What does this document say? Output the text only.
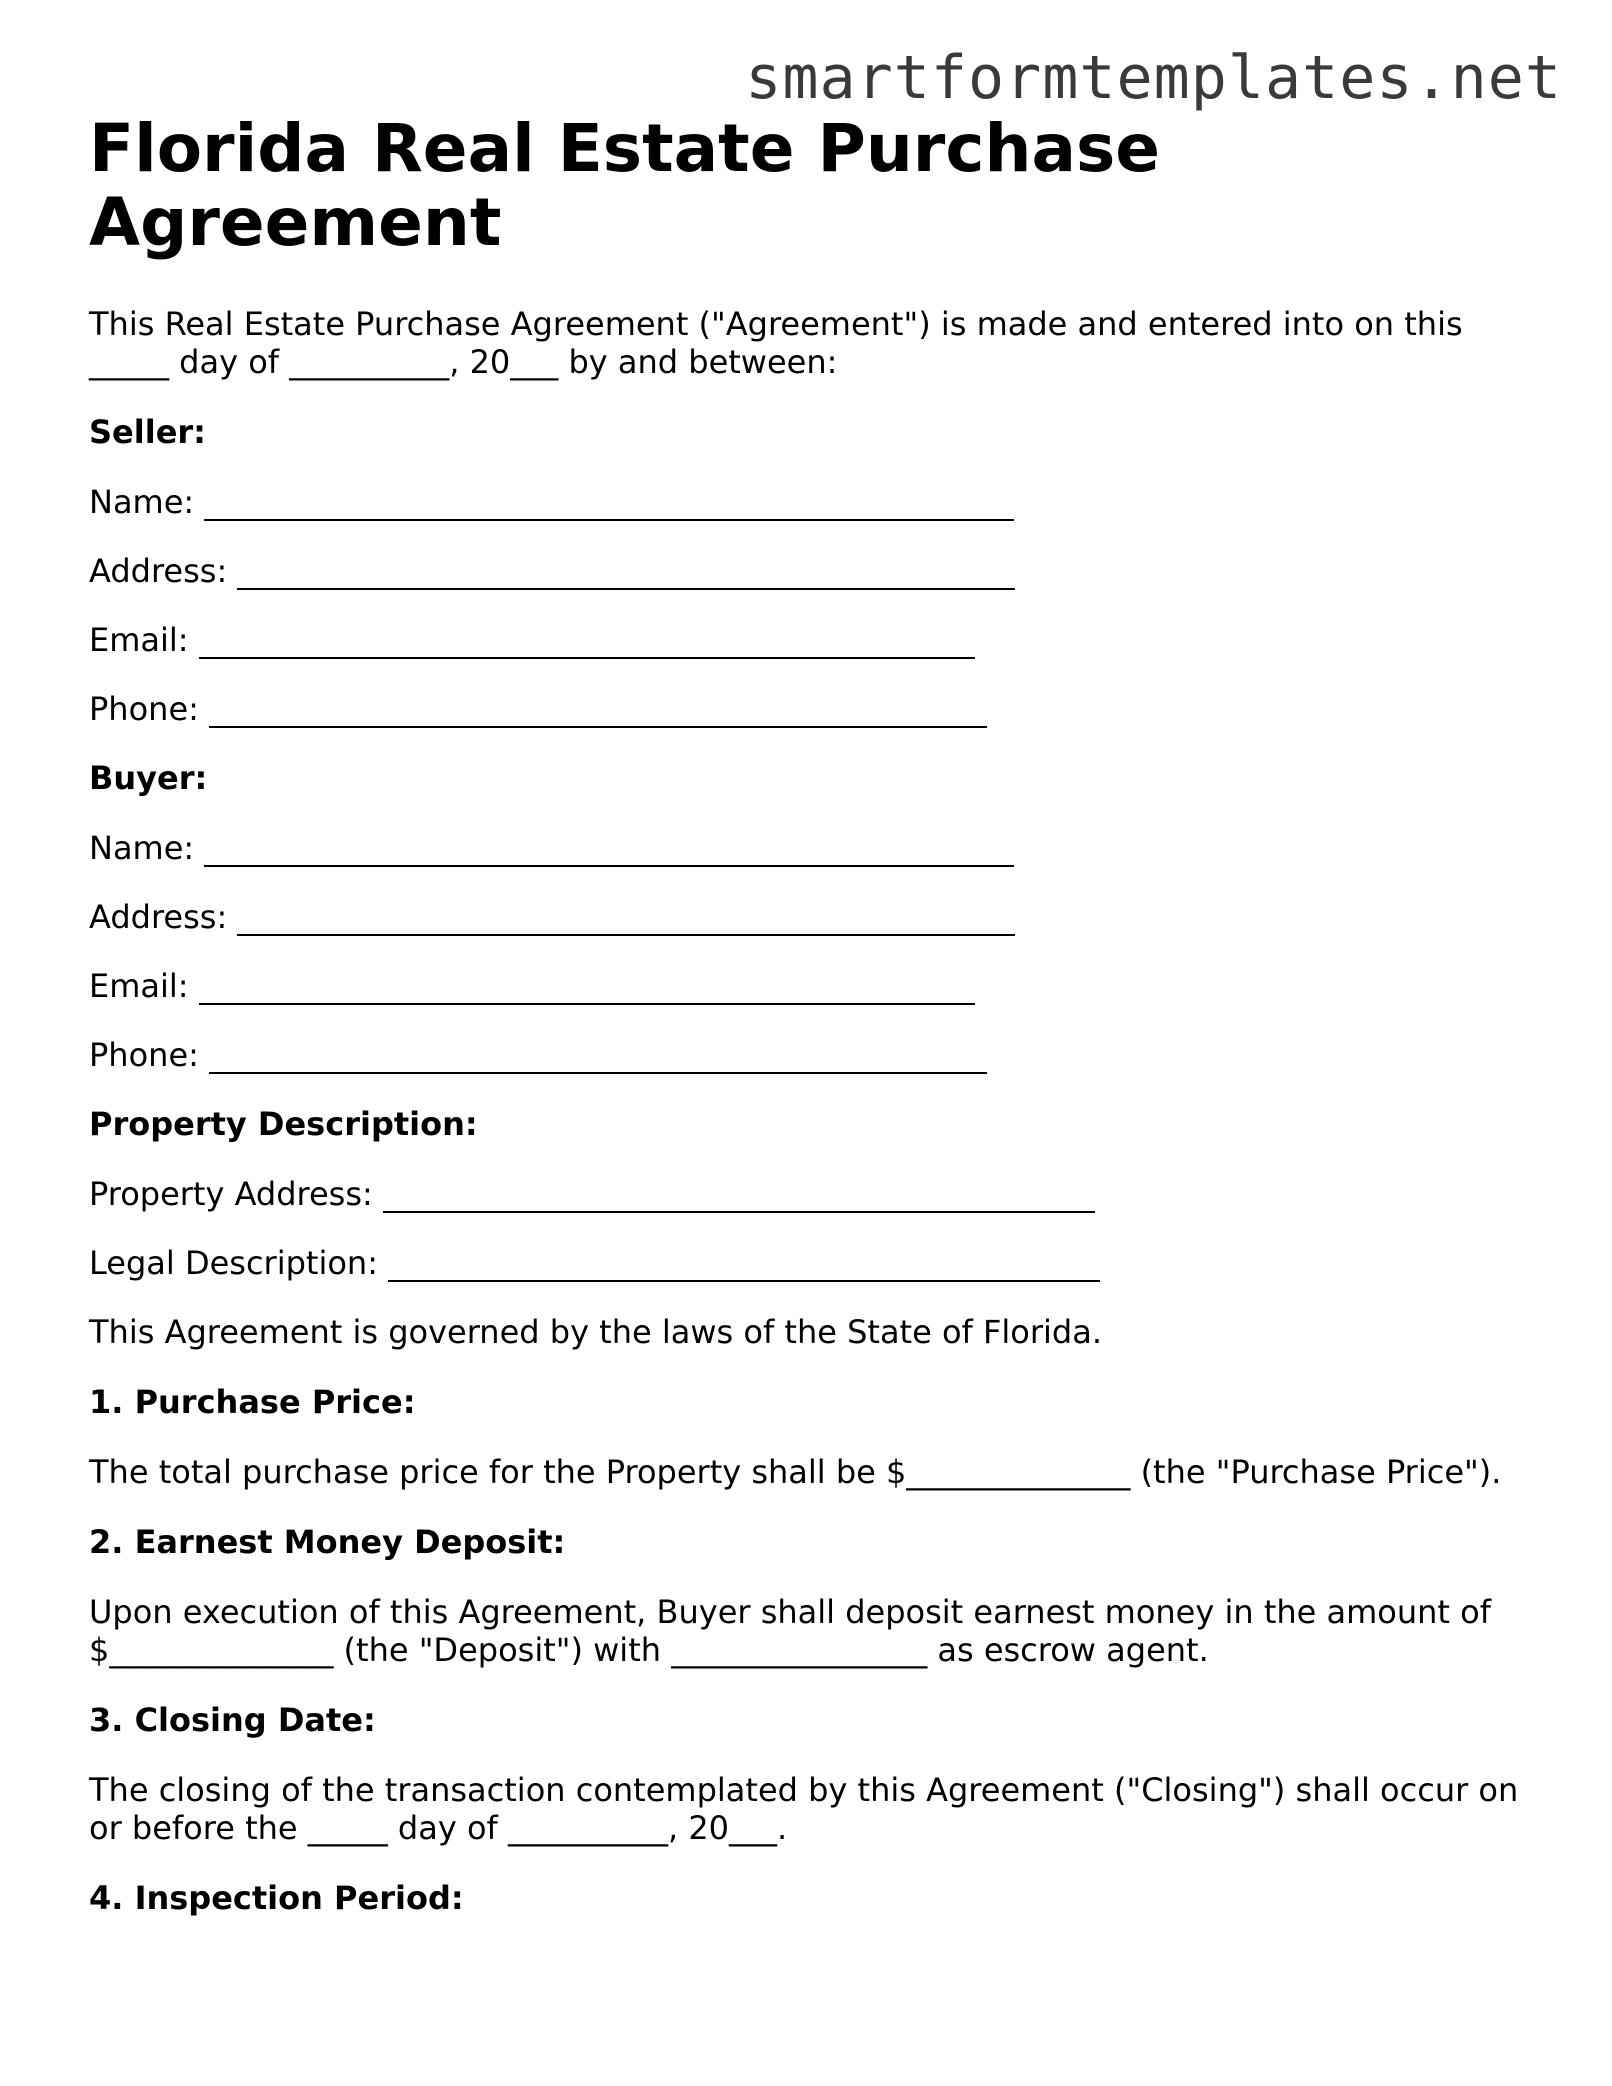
smartformtemplates.net
Florida Real Estate Purchase Agreement

This Real Estate Purchase Agreement ("Agreement") is made and entered into on this _____ day of __________, 20___ by and between:

Seller:

Name:
Address:
Email:
Phone:

Buyer:

Name:
Address:
Email:
Phone:

Property Description:

Property Address:
Legal Description:

This Agreement is governed by the laws of the State of Florida.

1. Purchase Price:

The total purchase price for the Property shall be $______________ (the "Purchase Price").

2. Earnest Money Deposit:

Upon execution of this Agreement, Buyer shall deposit earnest money in the amount of $______________ (the "Deposit") with ________________ as escrow agent.

3. Closing Date:

The closing of the transaction contemplated by this Agreement ("Closing") shall occur on or before the _____ day of __________, 20___.

4. Inspection Period:
